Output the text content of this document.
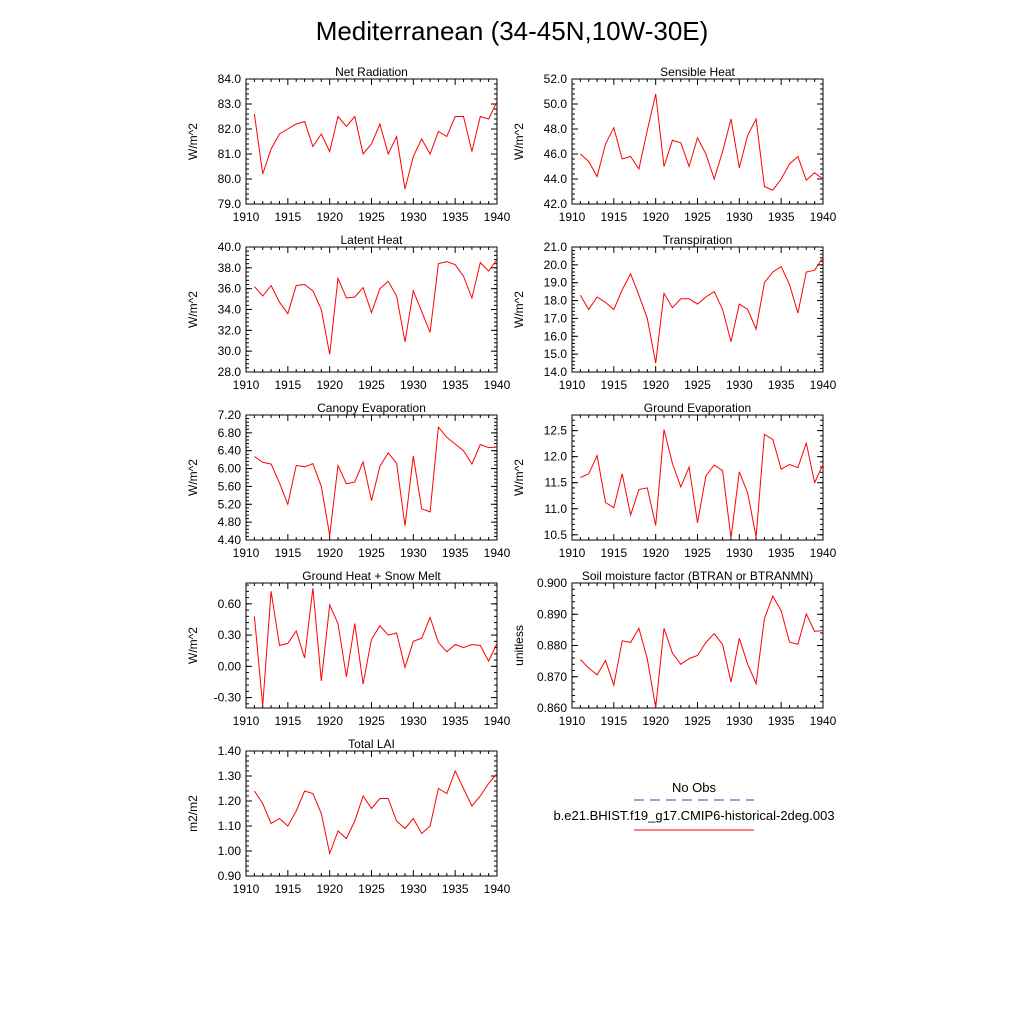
Mediterranean (34-45N,10W-30E)
Net Radiation
W/m^2
1910 1915 1920 1925 1930 1935 1940
79.0
80.0
81.0
82.0
83.0
84.0	Sensible Heat
W/m^2
1910 1915 1920 1925 1930 1935 1940
42.0
44.0
46.0
48.0
50.0
52.0
Latent Heat
W/m^2
1910 1915 1920 1925 1930 1935 1940
28.0
30.0
32.0
34.0
36.0
38.0
40.0	Transpiration
W/m^2
1910 1915 1920 1925 1930 1935 1940
14.0
15.0
16.0
17.0
18.0
19.0
20.0
21.0
Canopy Evaporation
W/m^2
1910 1915 1920 1925 1930 1935 1940
4.40
4.80
5.20
5.60
6.00
6.40
6.80
7.20	Ground Evaporation
W/m^2
1910 1915 1920 1925 1930 1935 1940
10.5
11.0
11.5
12.0
12.5
Ground Heat + Snow Melt
W/m^2
1910 1915 1920 1925 1930 1935 1940
-0.30
0.00
0.30
0.60
Soil moisture factor (BTRAN or BTRANMN)
unitless
1910 1915 1920 1925 1930 1935 1940
0.860
0.870
0.880
0.890
0.900
Total LAI
m2/m2
1910 1915 1920 1925 1930 1935 1940
0.90
1.00
1.10
1.20
1.30
1.40
No Obs
b.e21.BHIST.f19_g17.CMIP6-historical-2deg.003
